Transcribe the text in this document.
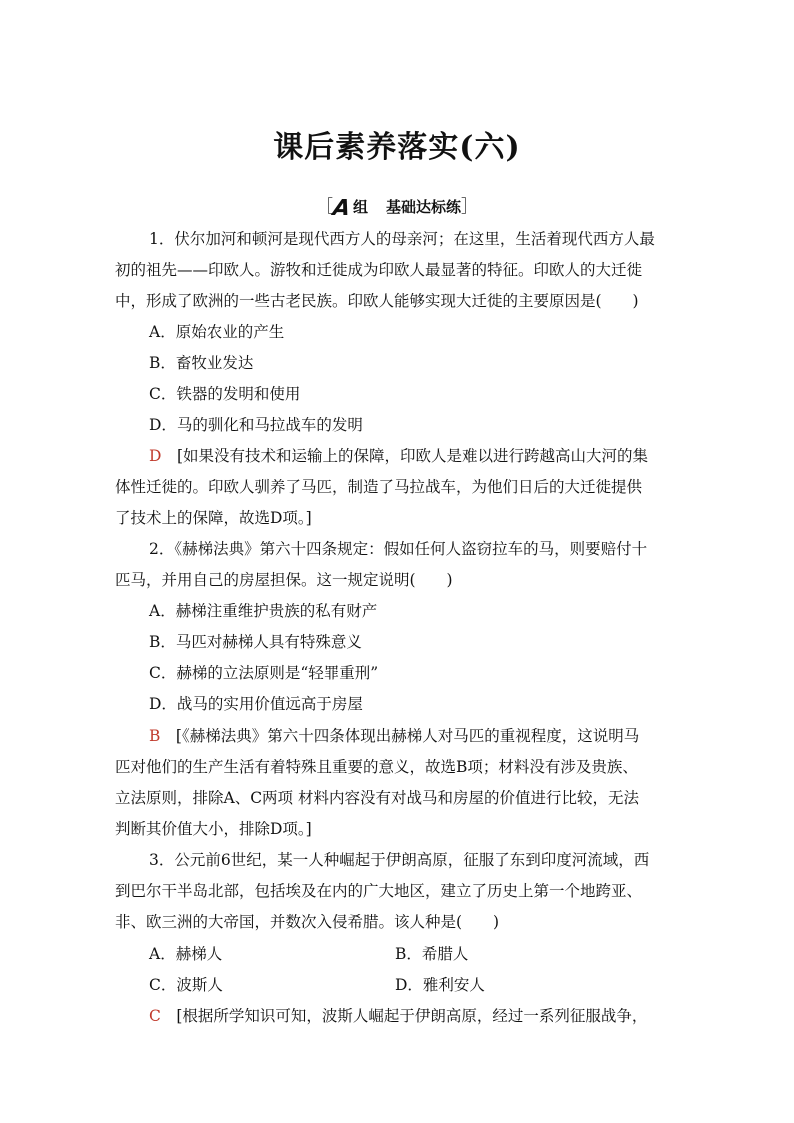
课后素养落实(六)
［A组 基础达标练］
1．伏尔加河和顿河是现代西方人的母亲河；在这里，生活着现代西方人最
初的祖先——印欧人。游牧和迁徙成为印欧人最显著的特征。印欧人的大迁徙
中，形成了欧洲的一些古老民族。印欧人能够实现大迁徙的主要原因是(　　)
A．原始农业的产生
B．畜牧业发达
C．铁器的发明和使用
D．马的驯化和马拉战车的发明
D　[如果没有技术和运输上的保障，印欧人是难以进行跨越高山大河的集
体性迁徙的。印欧人驯养了马匹，制造了马拉战车，为他们日后的大迁徙提供
了技术上的保障，故选D项。]
2．《赫梯法典》第六十四条规定：假如任何人盗窃拉车的马，则要赔付十
匹马，并用自己的房屋担保。这一规定说明(　　)
A．赫梯注重维护贵族的私有财产
B．马匹对赫梯人具有特殊意义
C．赫梯的立法原则是“轻罪重刑”
D．战马的实用价值远高于房屋
B　[《赫梯法典》第六十四条体现出赫梯人对马匹的重视程度，这说明马
匹对他们的生产生活有着特殊且重要的意义，故选B项；材料没有涉及贵族、
立法原则，排除A、C两项 材料内容没有对战马和房屋的价值进行比较，无法
判断其价值大小，排除D项。]
3．公元前6世纪，某一人种崛起于伊朗高原，征服了东到印度河流域，西
到巴尔干半岛北部，包括埃及在内的广大地区，建立了历史上第一个地跨亚、
非、欧三洲的大帝国，并数次入侵希腊。该人种是(　　)
A．赫梯人	B．希腊人
C．波斯人	D．雅利安人
C　[根据所学知识可知，波斯人崛起于伊朗高原，经过一系列征服战争，
